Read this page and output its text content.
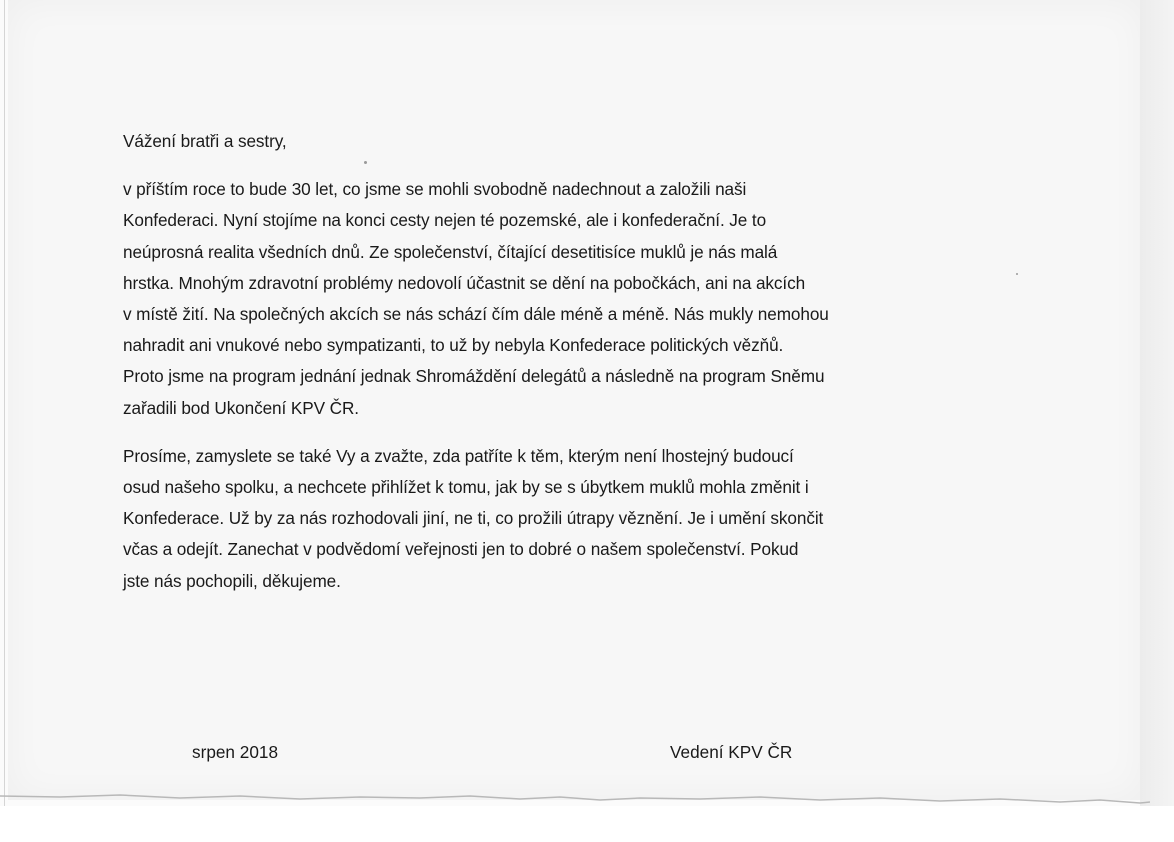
Vážení bratři a sestry,
v příštím roce to bude 30 let, co jsme se mohli svobodně nadechnout a založili naši
Konfederaci. Nyní stojíme na konci cesty nejen té pozemské, ale i konfederační. Je to
neúprosná realita všedních dnů. Ze společenství, čítající desetitisíce muklů je nás malá
hrstka. Mnohým zdravotní problémy nedovolí účastnit se dění na pobočkách, ani na akcích
v místě žití. Na společných akcích se nás schází čím dále méně a méně. Nás mukly nemohou
nahradit ani vnukové nebo sympatizanti, to už by nebyla Konfederace politických vězňů.
Proto jsme na program jednání jednak Shromáždění delegátů a následně na program Sněmu
zařadili bod Ukončení KPV ČR.
Prosíme, zamyslete se také Vy a zvažte, zda patříte k těm, kterým není lhostejný budoucí
osud našeho spolku, a nechcete přihlížet k tomu, jak by se s úbytkem muklů mohla změnit i
Konfederace. Už by za nás rozhodovali jiní, ne ti, co prožili útrapy věznění. Je i umění skončit
včas a odejít. Zanechat v podvědomí veřejnosti jen to dobré o našem společenství. Pokud
jste nás pochopili, děkujeme.
srpen 2018	Vedení KPV ČR
